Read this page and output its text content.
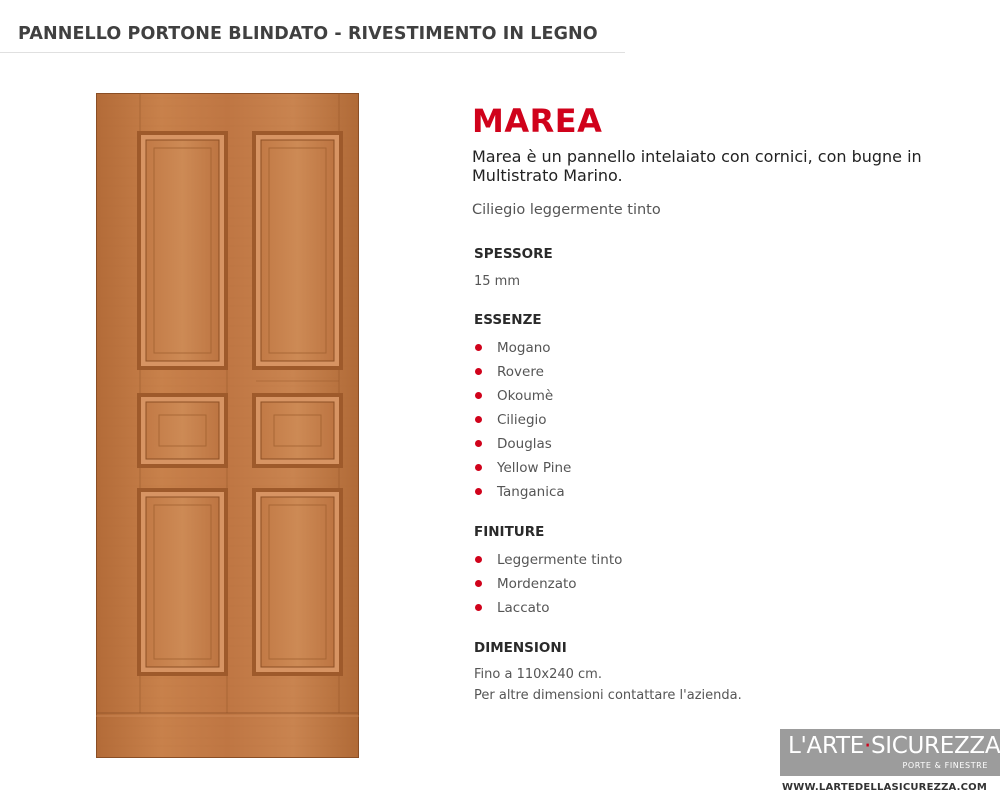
PANNELLO PORTONE BLINDATO - RIVESTIMENTO IN LEGNO
MAREA
Marea è un pannello intelaiato con cornici, con bugne in Multistrato Marino.
Ciliegio leggermente tinto
SPESSORE
15 mm
ESSENZE
Mogano
Rovere
Okoumè
Ciliegio
Douglas
Yellow Pine
Tanganica
FINITURE
Leggermente tinto
Mordenzato
Laccato
DIMENSIONI
Fino a 110x240 cm.
Per altre dimensioni contattare l'azienda.
L'ARTE·SICUREZZA
PORTE & FINESTRE
WWW.LARTEDELLASICUREZZA.COM
